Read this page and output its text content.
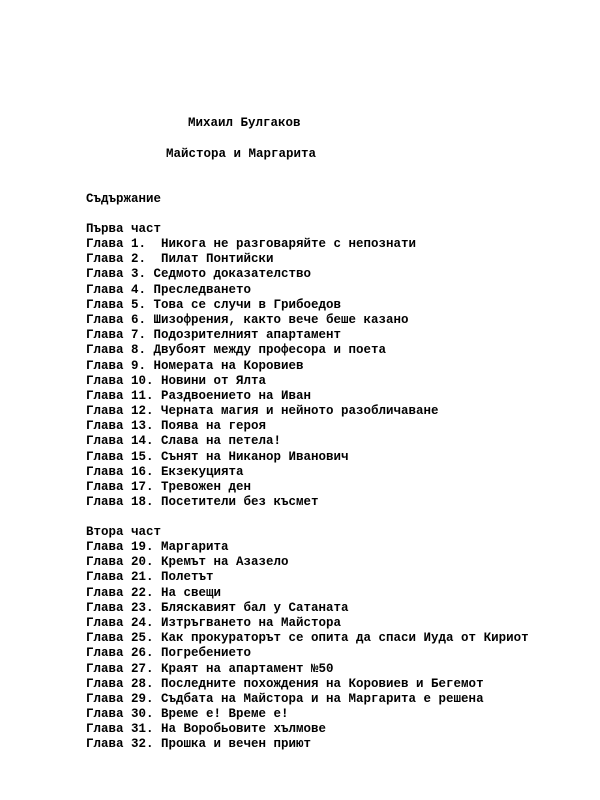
Михаил Булгаков
Майстора и Маргарита
Съдържание
Първа част
Глава 1.  Никога не разговаряйте с непознати
Глава 2.  Пилат Понтийски
Глава 3. Седмото доказателство
Глава 4. Преследването
Глава 5. Това се случи в Грибоедов
Глава 6. Шизофрения, както вече беше казано
Глава 7. Подозрителният апартамент
Глава 8. Двубоят между професора и поета
Глава 9. Номерата на Коровиев
Глава 10. Новини от Ялта
Глава 11. Раздвоението на Иван
Глава 12. Черната магия и нейното разобличаване
Глава 13. Поява на героя
Глава 14. Слава на петела!
Глава 15. Сънят на Никанор Иванович
Глава 16. Екзекуцията
Глава 17. Тревожен ден
Глава 18. Посетители без късмет
Втора част
Глава 19. Маргарита
Глава 20. Кремът на Азазело
Глава 21. Полетът
Глава 22. На свещи
Глава 23. Бляскавият бал у Сатаната
Глава 24. Изтръгването на Майстора
Глава 25. Как прокураторът се опита да спаси Иуда от Кириот
Глава 26. Погребението
Глава 27. Краят на апартамент №50
Глава 28. Последните похождения на Коровиев и Бегемот
Глава 29. Съдбата на Майстора и на Маргарита е решена
Глава 30. Време е! Време е!
Глава 31. На Воробьовите хълмове
Глава 32. Прошка и вечен приют
